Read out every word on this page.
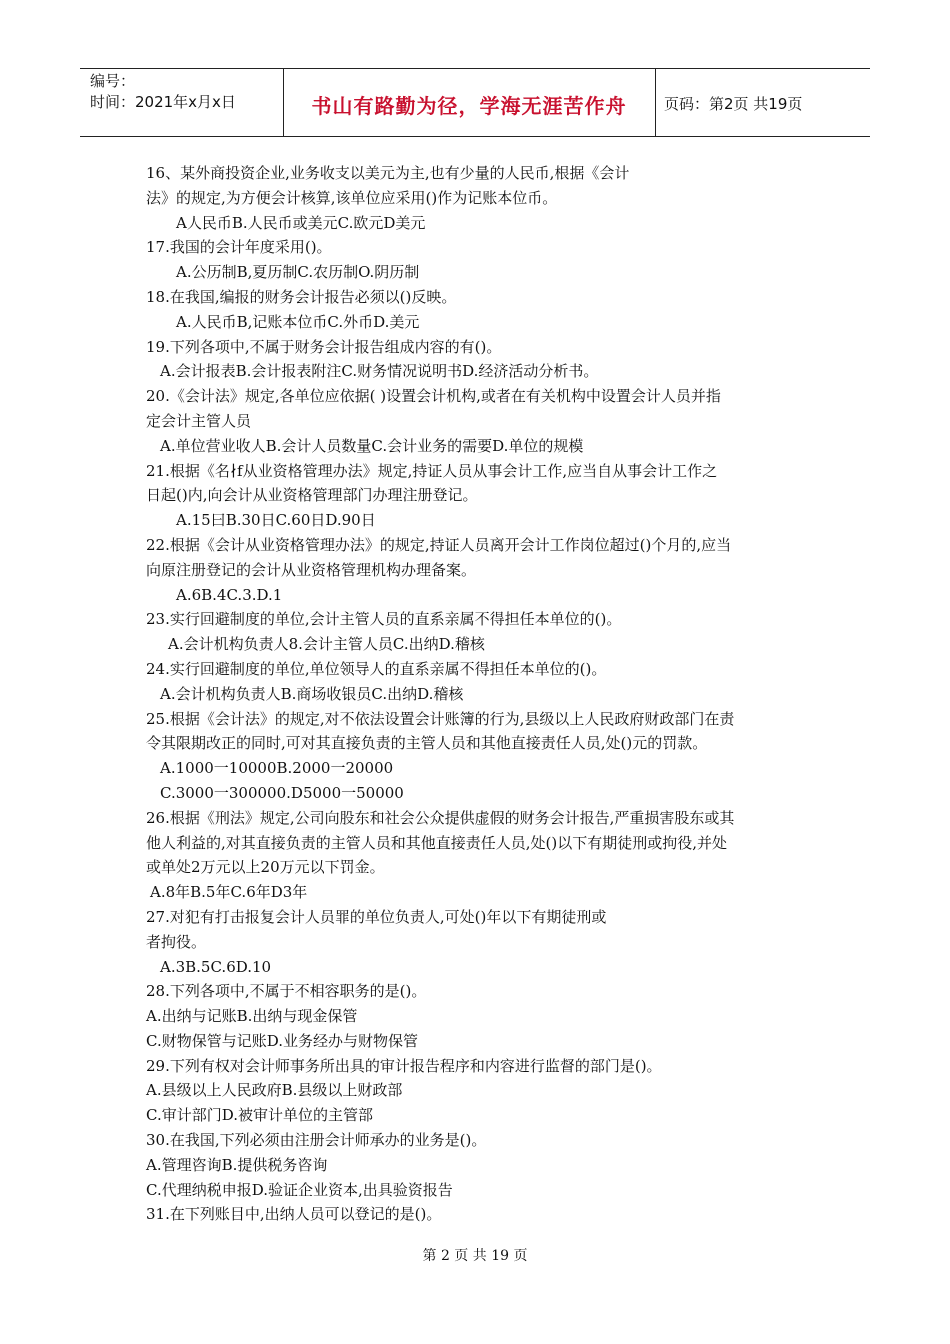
编号：
时间：2021年x月x日	书山有路勤为径，学海无涯苦作舟	页码：第2页 共19页
16、某外商投资企业,业务收支以美元为主,也有少量的人民币,根据《会计
法》的规定,为方便会计核算,该单位应采用()作为记账本位币。
A人民币B.人民币或美元C.欧元D美元
17.我国的会计年度采用()。
A.公历制B,夏历制C.农历制O.阴历制
18.在我国,编报的财务会计报告必须以()反映。
A.人民币B,记账本位币C.外币D.美元
19.下列各项中,不属于财务会计报告组成内容的有()。
A.会计报表B.会计报表附注C.财务情况说明书D.经济活动分析书。
20.《会计法》规定,各单位应依据( )设置会计机构,或者在有关机构中设置会计人员并指
定会计主管人员
A.单位营业收人B.会计人员数量C.会计业务的需要D.单位的规模
21.根据《名∤f从业资格管理办法》规定,持证人员从事会计工作,应当自从事会计工作之
日起()内,向会计从业资格管理部门办理注册登记。
A.15曰B.30日C.60日D.90日
22.根据《会计从业资格管理办法》的规定,持证人员离开会计工作岗位超过()个月的,应当
向原注册登记的会计从业资格管理机构办理备案。
A.6B.4C.3.D.1
23.实行回避制度的单位,会计主管人员的直系亲属不得担任本单位的()。
A.会计机构负责人8.会计主管人员C.出纳D.稽核
24.实行回避制度的单位,单位领导人的直系亲属不得担任本单位的()。
A.会计机构负责人B.商场收银员C.出纳D.稽核
25.根据《会计法》的规定,对不依法设置会计账簿的行为,县级以上人民政府财政部门在责
令其限期改正的同时,可对其直接负责的主管人员和其他直接责任人员,处()元的罚款。
A.1000一10000B.2000一20000
C.3000一300000.D5000一50000
26.根据《刑法》规定,公司向股东和社会公众提供虚假的财务会计报告,严重损害股东或其
他人利益的,对其直接负责的主管人员和其他直接责任人员,处()以下有期徒刑或拘役,并处
或单处2万元以上20万元以下罚金。
A.8年B.5年C.6年D3年
27.对犯有打击报复会计人员罪的单位负责人,可处()年以下有期徒刑或
者拘役。
A.3B.5C.6D.10
28.下列各项中,不属于不相容职务的是()。
A.出纳与记账B.出纳与现金保管
C.财物保管与记账D.业务经办与财物保管
29.下列有权对会计师事务所出具的审计报告程序和内容进行监督的部门是()。
A.县级以上人民政府B.县级以上财政部
C.审计部门D.被审计单位的主管部
30.在我国,下列必须由注册会计师承办的业务是()。
A.管理咨询B.提供税务咨询
C.代理纳税申报D.验证企业资本,出具验资报告
31.在下列账目中,出纳人员可以登记的是()。
第 2 页 共 19 页
